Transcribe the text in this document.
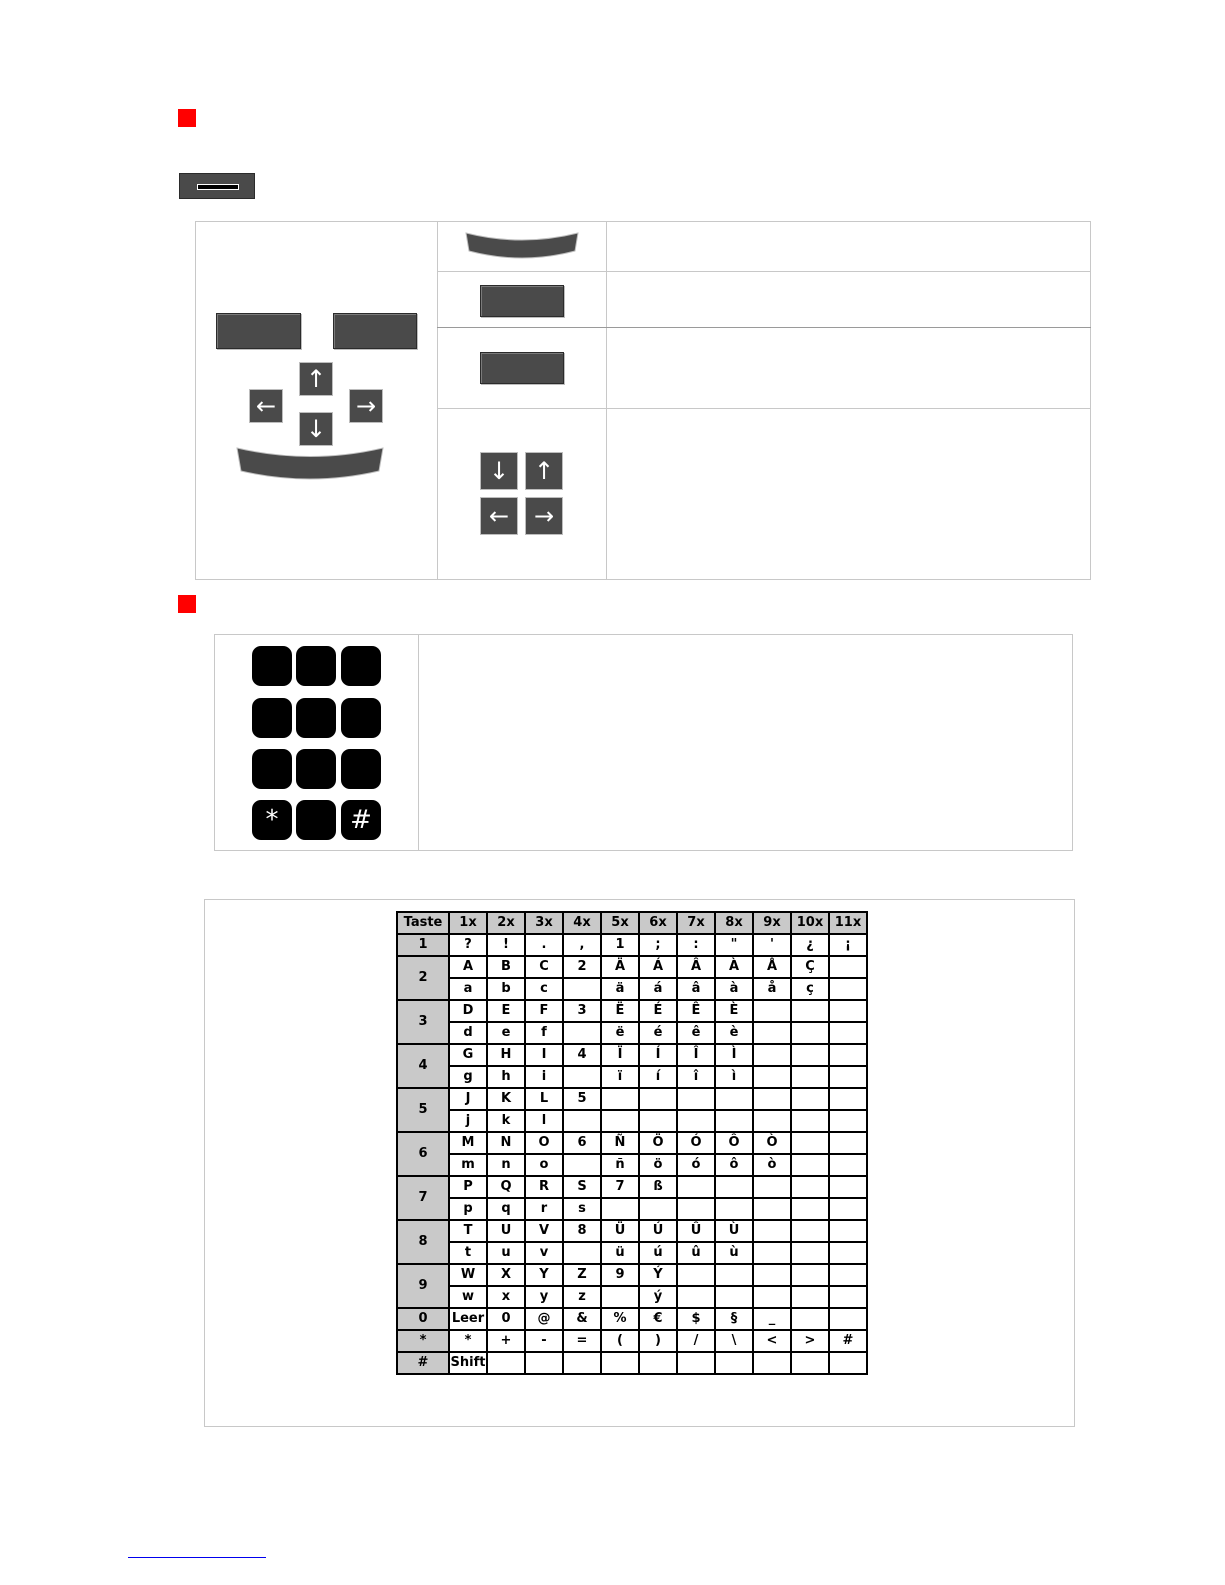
↑
←	→
↓
↓	↑
←	→
*	#
Taste	1x	2x	3x	4x	5x	6x	7x	8x	9x	10x	11x
1	?	!	.	,	1	;	:	"	'	¿	¡
2	A	B	C	2	Ä	Á	Â	À	Å	Ç	
	a	b	c		ä	á	â	à	å	ç	
3	D	E	F	3	Ë	É	Ê	È			
	d	e	f		ë	é	ê	è			
4	G	H	I	4	Ï	Í	Î	Ì			
	g	h	i		ï	í	î	ì			
5	J	K	L	5							
	j	k	l								
6	M	N	O	6	Ñ	Ö	Ó	Ô	Ò		
	m	n	o		ñ	ö	ó	ô	ò		
7	P	Q	R	S	7	ß					
	p	q	r	s							
8	T	U	V	8	Ü	Ú	Û	Ù			
	t	u	v		ü	ú	û	ù			
9	W	X	Y	Z	9	Ý					
	w	x	y	z		ý					
0	Leer	0	@	&	%	€	$	§	_		
*	*	+	-	=	(	)	/	\	<	>	#
#	Shift										
